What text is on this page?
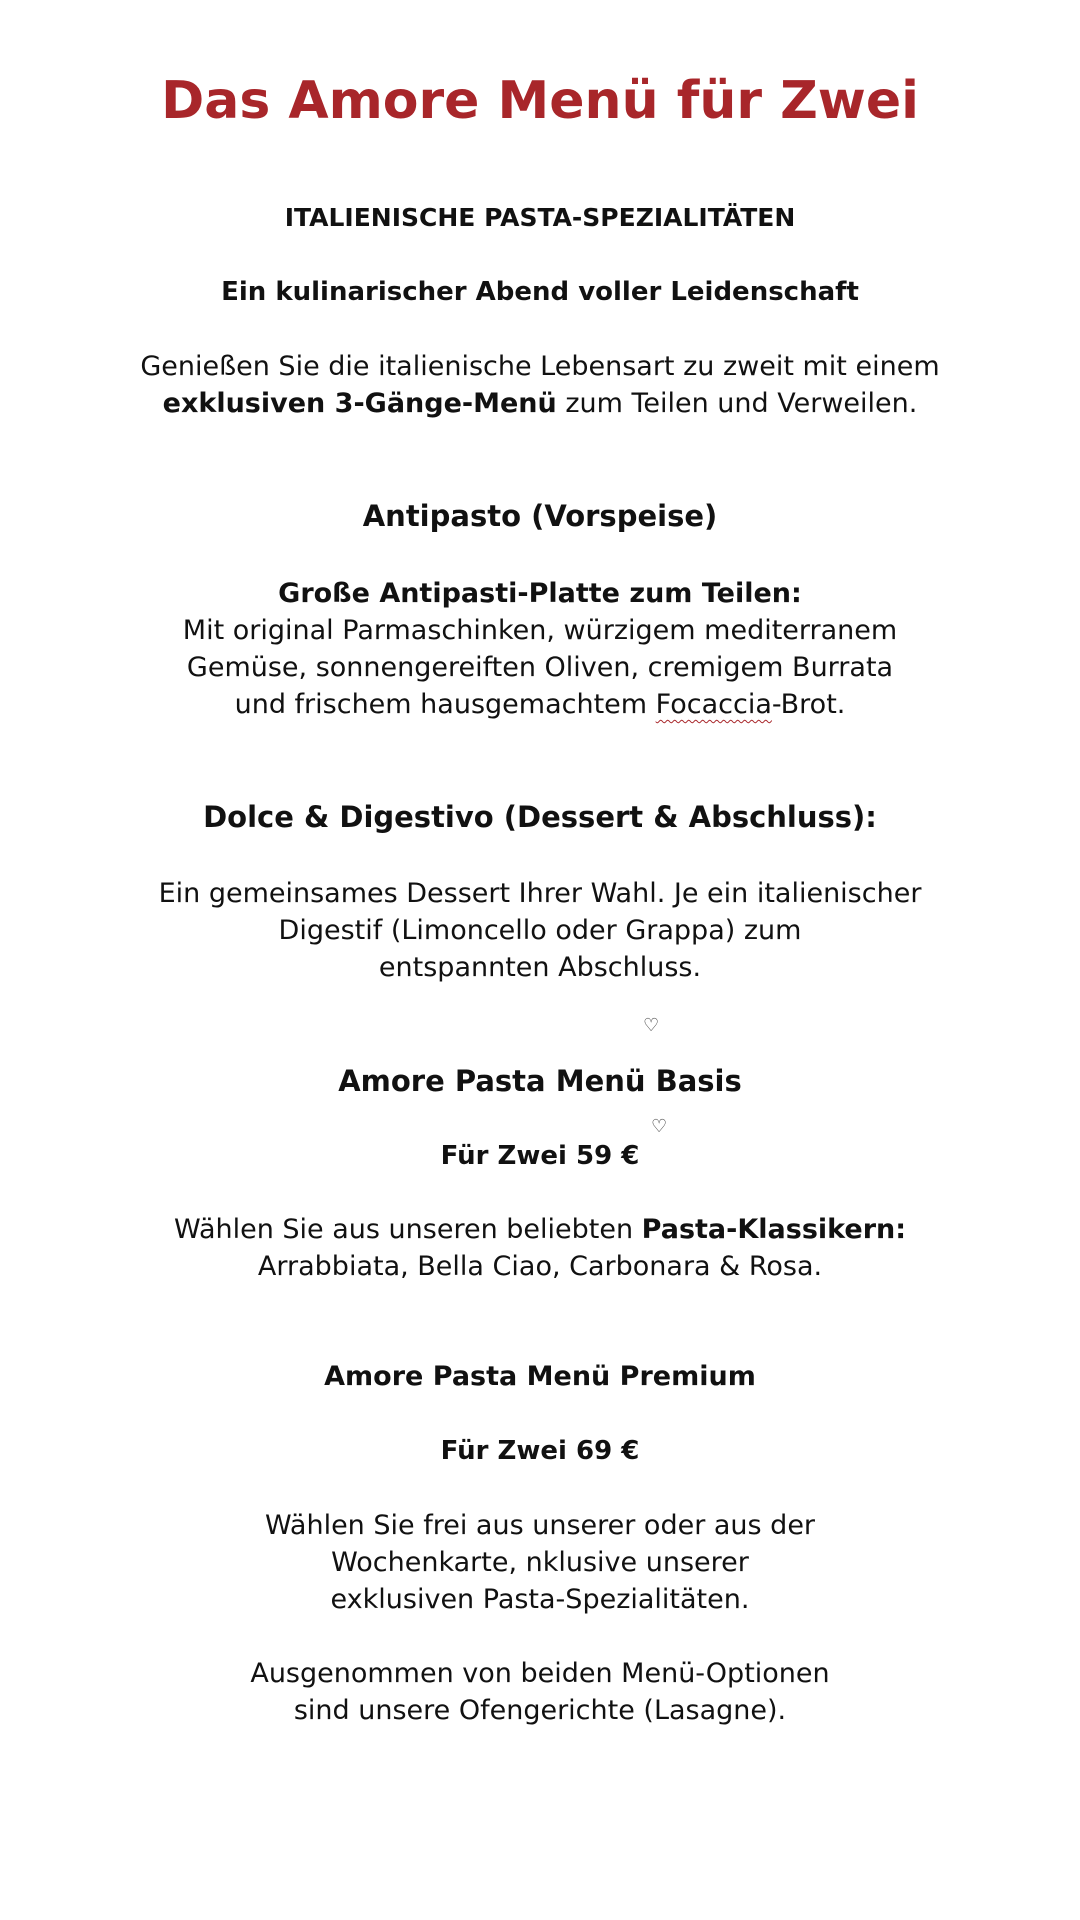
Das Amore Menü für Zwei

ITALIENISCHE PASTA-SPEZIALITÄTEN

Ein kulinarischer Abend voller Leidenschaft

Genießen Sie die italienische Lebensart zu zweit mit einem
exklusiven 3-Gänge-Menü zum Teilen und Verweilen.

Antipasto (Vorspeise)

Große Antipasti-Platte zum Teilen:

Mit original Parmaschinken, würzigem mediterranem
Gemüse, sonnengereiften Oliven, cremigem Burrata
und frischem hausgemachtem Focaccia-Brot.

Dolce & Digestivo (Dessert & Abschluss):

Ein gemeinsames Dessert Ihrer Wahl. Je ein italienischer
Digestif (Limoncello oder Grappa) zum
entspannten Abschluss.

♡
Amore Pasta Menü Basis
♡

Für Zwei 59 €

Wählen Sie aus unseren beliebten Pasta-Klassikern:
Arrabbiata, Bella Ciao, Carbonara & Rosa.

Amore Pasta Menü Premium

Für Zwei 69 €

Wählen Sie frei aus unserer oder aus der
Wochenkarte, nklusive unserer
exklusiven Pasta-Spezialitäten.

Ausgenommen von beiden Menü-Optionen
sind unsere Ofengerichte (Lasagne).
